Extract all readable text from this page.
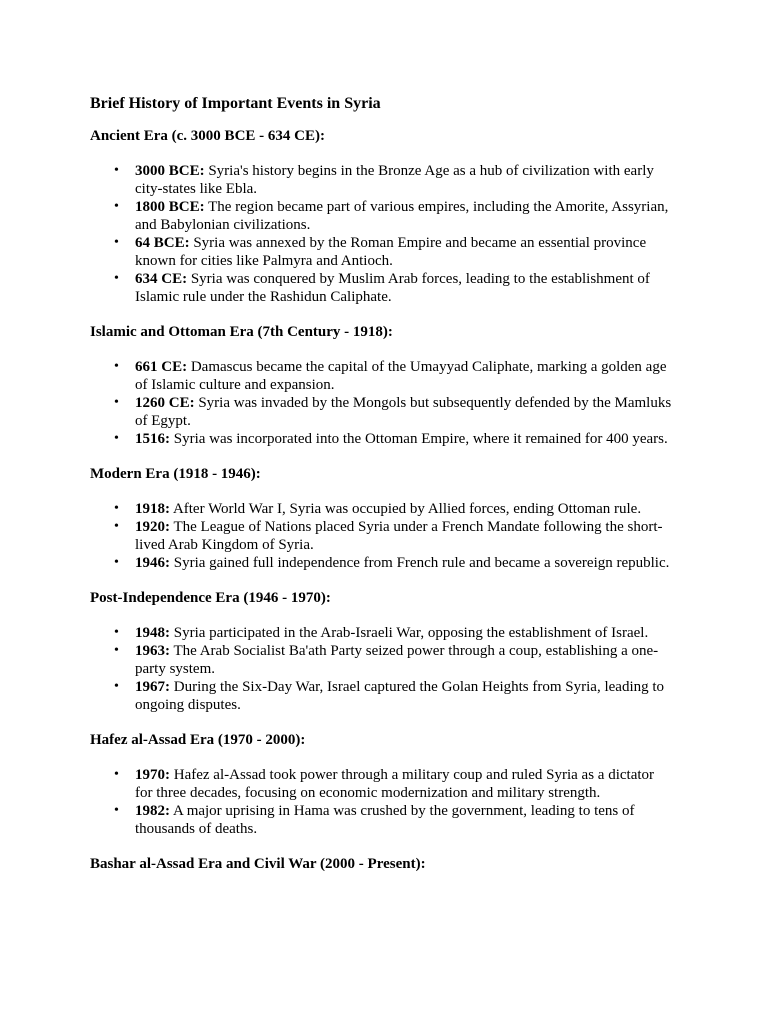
Brief History of Important Events in Syria
Ancient Era (c. 3000 BCE - 634 CE):
• 3000 BCE: Syria's history begins in the Bronze Age as a hub of civilization with early city-states like Ebla.
• 1800 BCE: The region became part of various empires, including the Amorite, Assyrian, and Babylonian civilizations.
• 64 BCE: Syria was annexed by the Roman Empire and became an essential province known for cities like Palmyra and Antioch.
• 634 CE: Syria was conquered by Muslim Arab forces, leading to the establishment of Islamic rule under the Rashidun Caliphate.
Islamic and Ottoman Era (7th Century - 1918):
• 661 CE: Damascus became the capital of the Umayyad Caliphate, marking a golden age of Islamic culture and expansion.
• 1260 CE: Syria was invaded by the Mongols but subsequently defended by the Mamluks of Egypt.
• 1516: Syria was incorporated into the Ottoman Empire, where it remained for 400 years.
Modern Era (1918 - 1946):
• 1918: After World War I, Syria was occupied by Allied forces, ending Ottoman rule.
• 1920: The League of Nations placed Syria under a French Mandate following the short-lived Arab Kingdom of Syria.
• 1946: Syria gained full independence from French rule and became a sovereign republic.
Post-Independence Era (1946 - 1970):
• 1948: Syria participated in the Arab-Israeli War, opposing the establishment of Israel.
• 1963: The Arab Socialist Ba'ath Party seized power through a coup, establishing a one-party system.
• 1967: During the Six-Day War, Israel captured the Golan Heights from Syria, leading to ongoing disputes.
Hafez al-Assad Era (1970 - 2000):
• 1970: Hafez al-Assad took power through a military coup and ruled Syria as a dictator for three decades, focusing on economic modernization and military strength.
• 1982: A major uprising in Hama was crushed by the government, leading to tens of thousands of deaths.
Bashar al-Assad Era and Civil War (2000 - Present):
